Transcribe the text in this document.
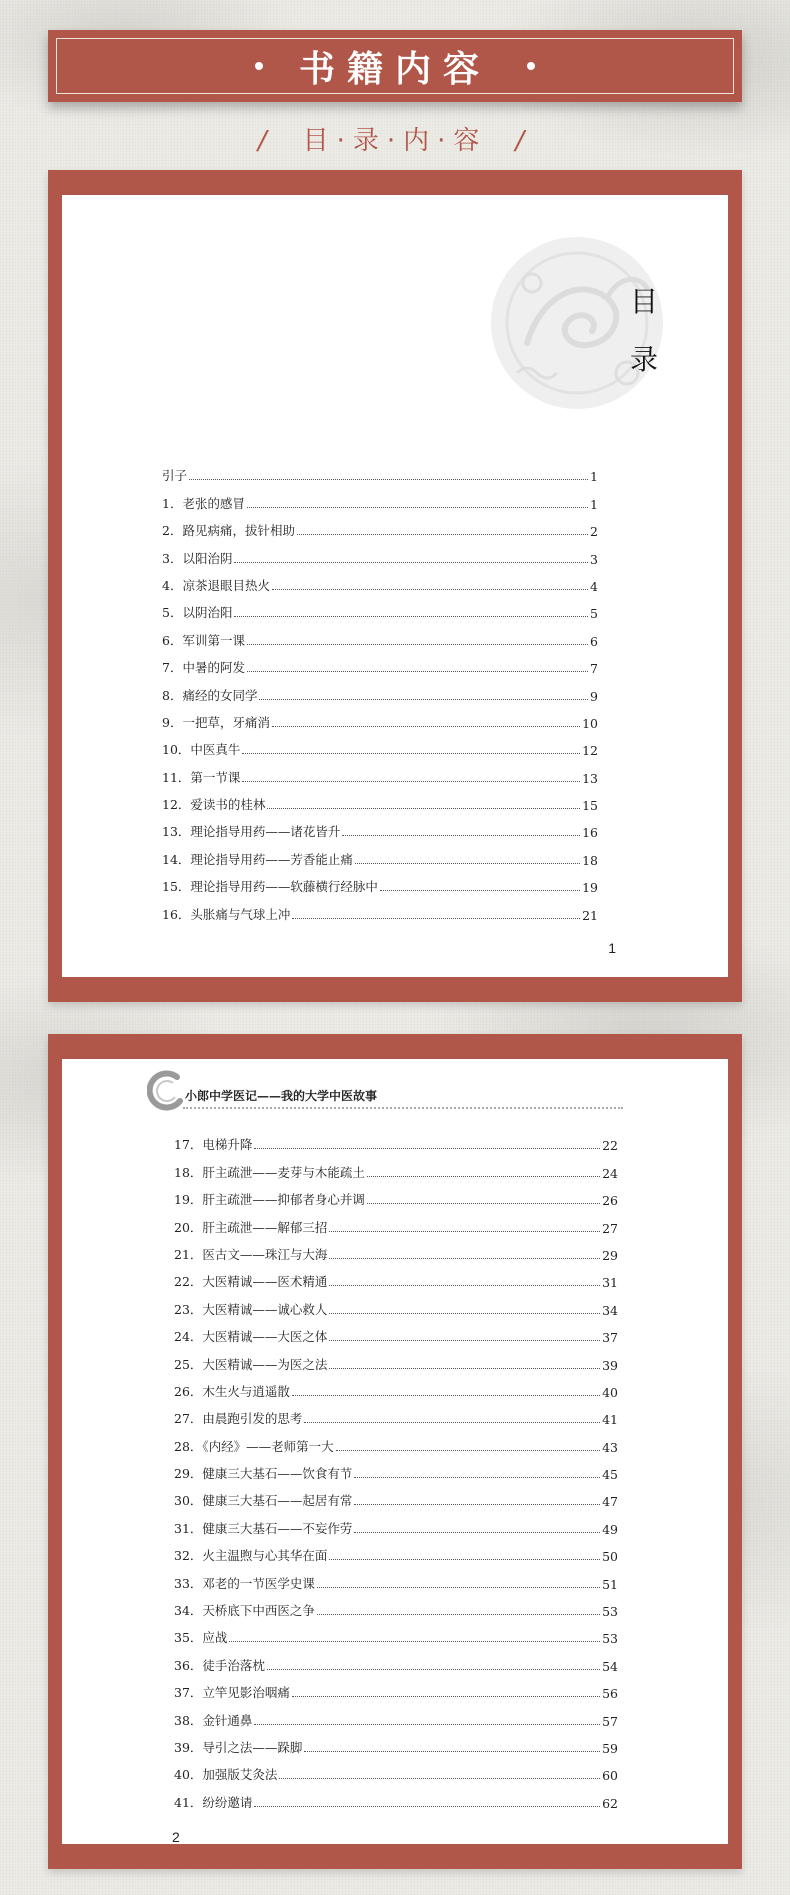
书籍内容
/ 目·录·内·容 /
目
录
引子	1
1．老张的感冒	1
2．路见病痛，拔针相助	2
3．以阳治阴	3
4．凉茶退眼目热火	4
5．以阴治阳	5
6．军训第一课	6
7．中暑的阿发	7
8．痛经的女同学	9
9．一把草，牙痛消	10
10．中医真牛	12
11．第一节课	13
12．爱读书的桂林	15
13．理论指导用药——诸花皆升	16
14．理论指导用药——芳香能止痛	18
15．理论指导用药——软藤横行经脉中	19
16．头胀痛与气球上冲	21
1
小郎中学医记——我的大学中医故事
17．电梯升降	22
18．肝主疏泄——麦芽与木能疏土	24
19．肝主疏泄——抑郁者身心并调	26
20．肝主疏泄——解郁三招	27
21．医古文——珠江与大海	29
22．大医精诚——医术精通	31
23．大医精诚——诚心救人	34
24．大医精诚——大医之体	37
25．大医精诚——为医之法	39
26．木生火与逍遥散	40
27．由晨跑引发的思考	41
28．《内经》——老师第一大	43
29．健康三大基石——饮食有节	45
30．健康三大基石——起居有常	47
31．健康三大基石——不妄作劳	49
32．火主温煦与心其华在面	50
33．邓老的一节医学史课	51
34．天桥底下中西医之争	53
35．应战	53
36．徒手治落枕	54
37．立竿见影治咽痛	56
38．金针通鼻	57
39．导引之法——跺脚	59
40．加强版艾灸法	60
41．纷纷邀请	62
2
